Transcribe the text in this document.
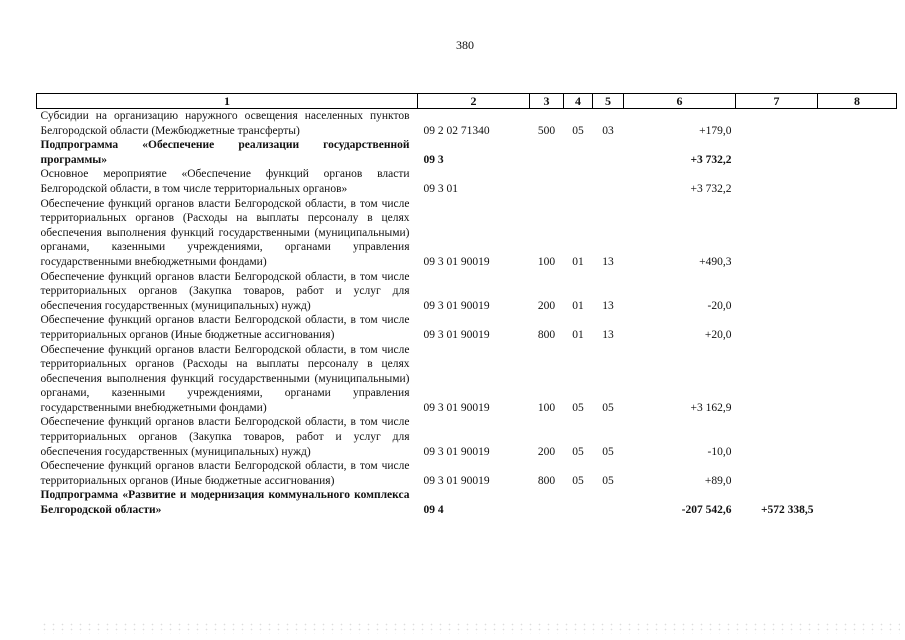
380
1	2	3	4	5	6	7	8
Субсидии на организацию наружного освещения населенных пунктов Белгородской области (Межбюджетные трансферты)	09 2 02 71340	500	05	03	+179,0		
Подпрограмма «Обеспечение реализации государственной программы»	09 3				+3 732,2		
Основное мероприятие «Обеспечение функций органов власти Белгородской области, в том числе территориальных органов»	09 3 01				+3 732,2		
Обеспечение функций органов власти Белгородской области, в том числе территориальных органов (Расходы на выплаты персоналу в целях обеспечения выполнения функций государственными (муниципальными) органами, казенными учреждениями, органами управления государственными внебюджетными фондами)	09 3 01 90019	100	01	13	+490,3		
Обеспечение функций органов власти Белгородской области, в том числе территориальных органов (Закупка товаров, работ и услуг для обеспечения государственных (муниципальных) нужд)	09 3 01 90019	200	01	13	-20,0		
Обеспечение функций органов власти Белгородской области, в том числе территориальных органов (Иные бюджетные ассигнования)	09 3 01 90019	800	01	13	+20,0		
Обеспечение функций органов власти Белгородской области, в том числе территориальных органов (Расходы на выплаты персоналу в целях обеспечения выполнения функций государственными (муниципальными) органами, казенными учреждениями, органами управления государственными внебюджетными фондами)	09 3 01 90019	100	05	05	+3 162,9		
Обеспечение функций органов власти Белгородской области, в том числе территориальных органов (Закупка товаров, работ и услуг для обеспечения государственных (муниципальных) нужд)	09 3 01 90019	200	05	05	-10,0		
Обеспечение функций органов власти Белгородской области, в том числе территориальных органов (Иные бюджетные ассигнования)	09 3 01 90019	800	05	05	+89,0		
Подпрограмма «Развитие и модернизация коммунального комплекса Белгородской области»	09 4				-207 542,6	+572 338,5	
